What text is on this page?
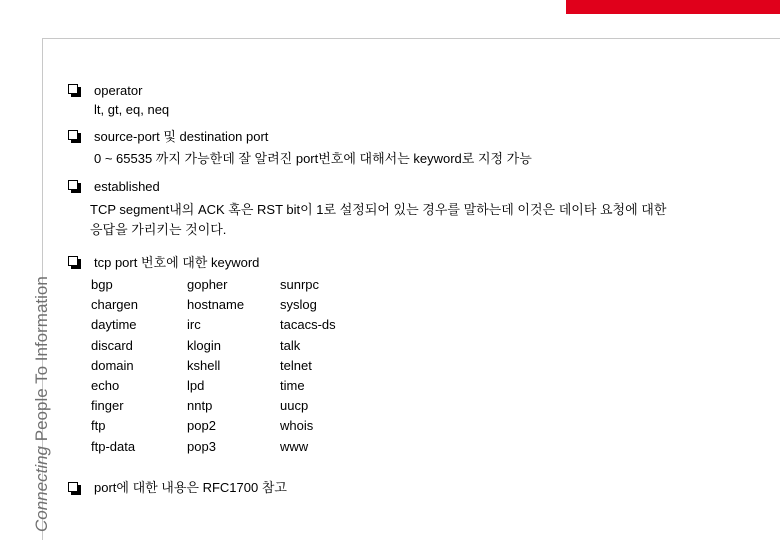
Connecting People To Information
operator
lt, gt, eq, neq
source-port 및 destination port
0 ~ 65535 까지 가능한데 잘 알려진 port번호에 대해서는 keyword로 지정 가능
established
TCP segment내의 ACK 혹은 RST bit이 1로 설정되어 있는 경우를 말하는데 이것은 데이타 요청에 대한
응답을 가리키는 것이다.
tcp port 번호에 대한 keyword
bgp
chargen
daytime
discard
domain
echo
finger
ftp
ftp-data
gopher
hostname
irc
klogin
kshell
lpd
nntp
pop2
pop3
sunrpc
syslog
tacacs-ds
talk
telnet
time
uucp
whois
www
port에 대한 내용은 RFC1700 참고
